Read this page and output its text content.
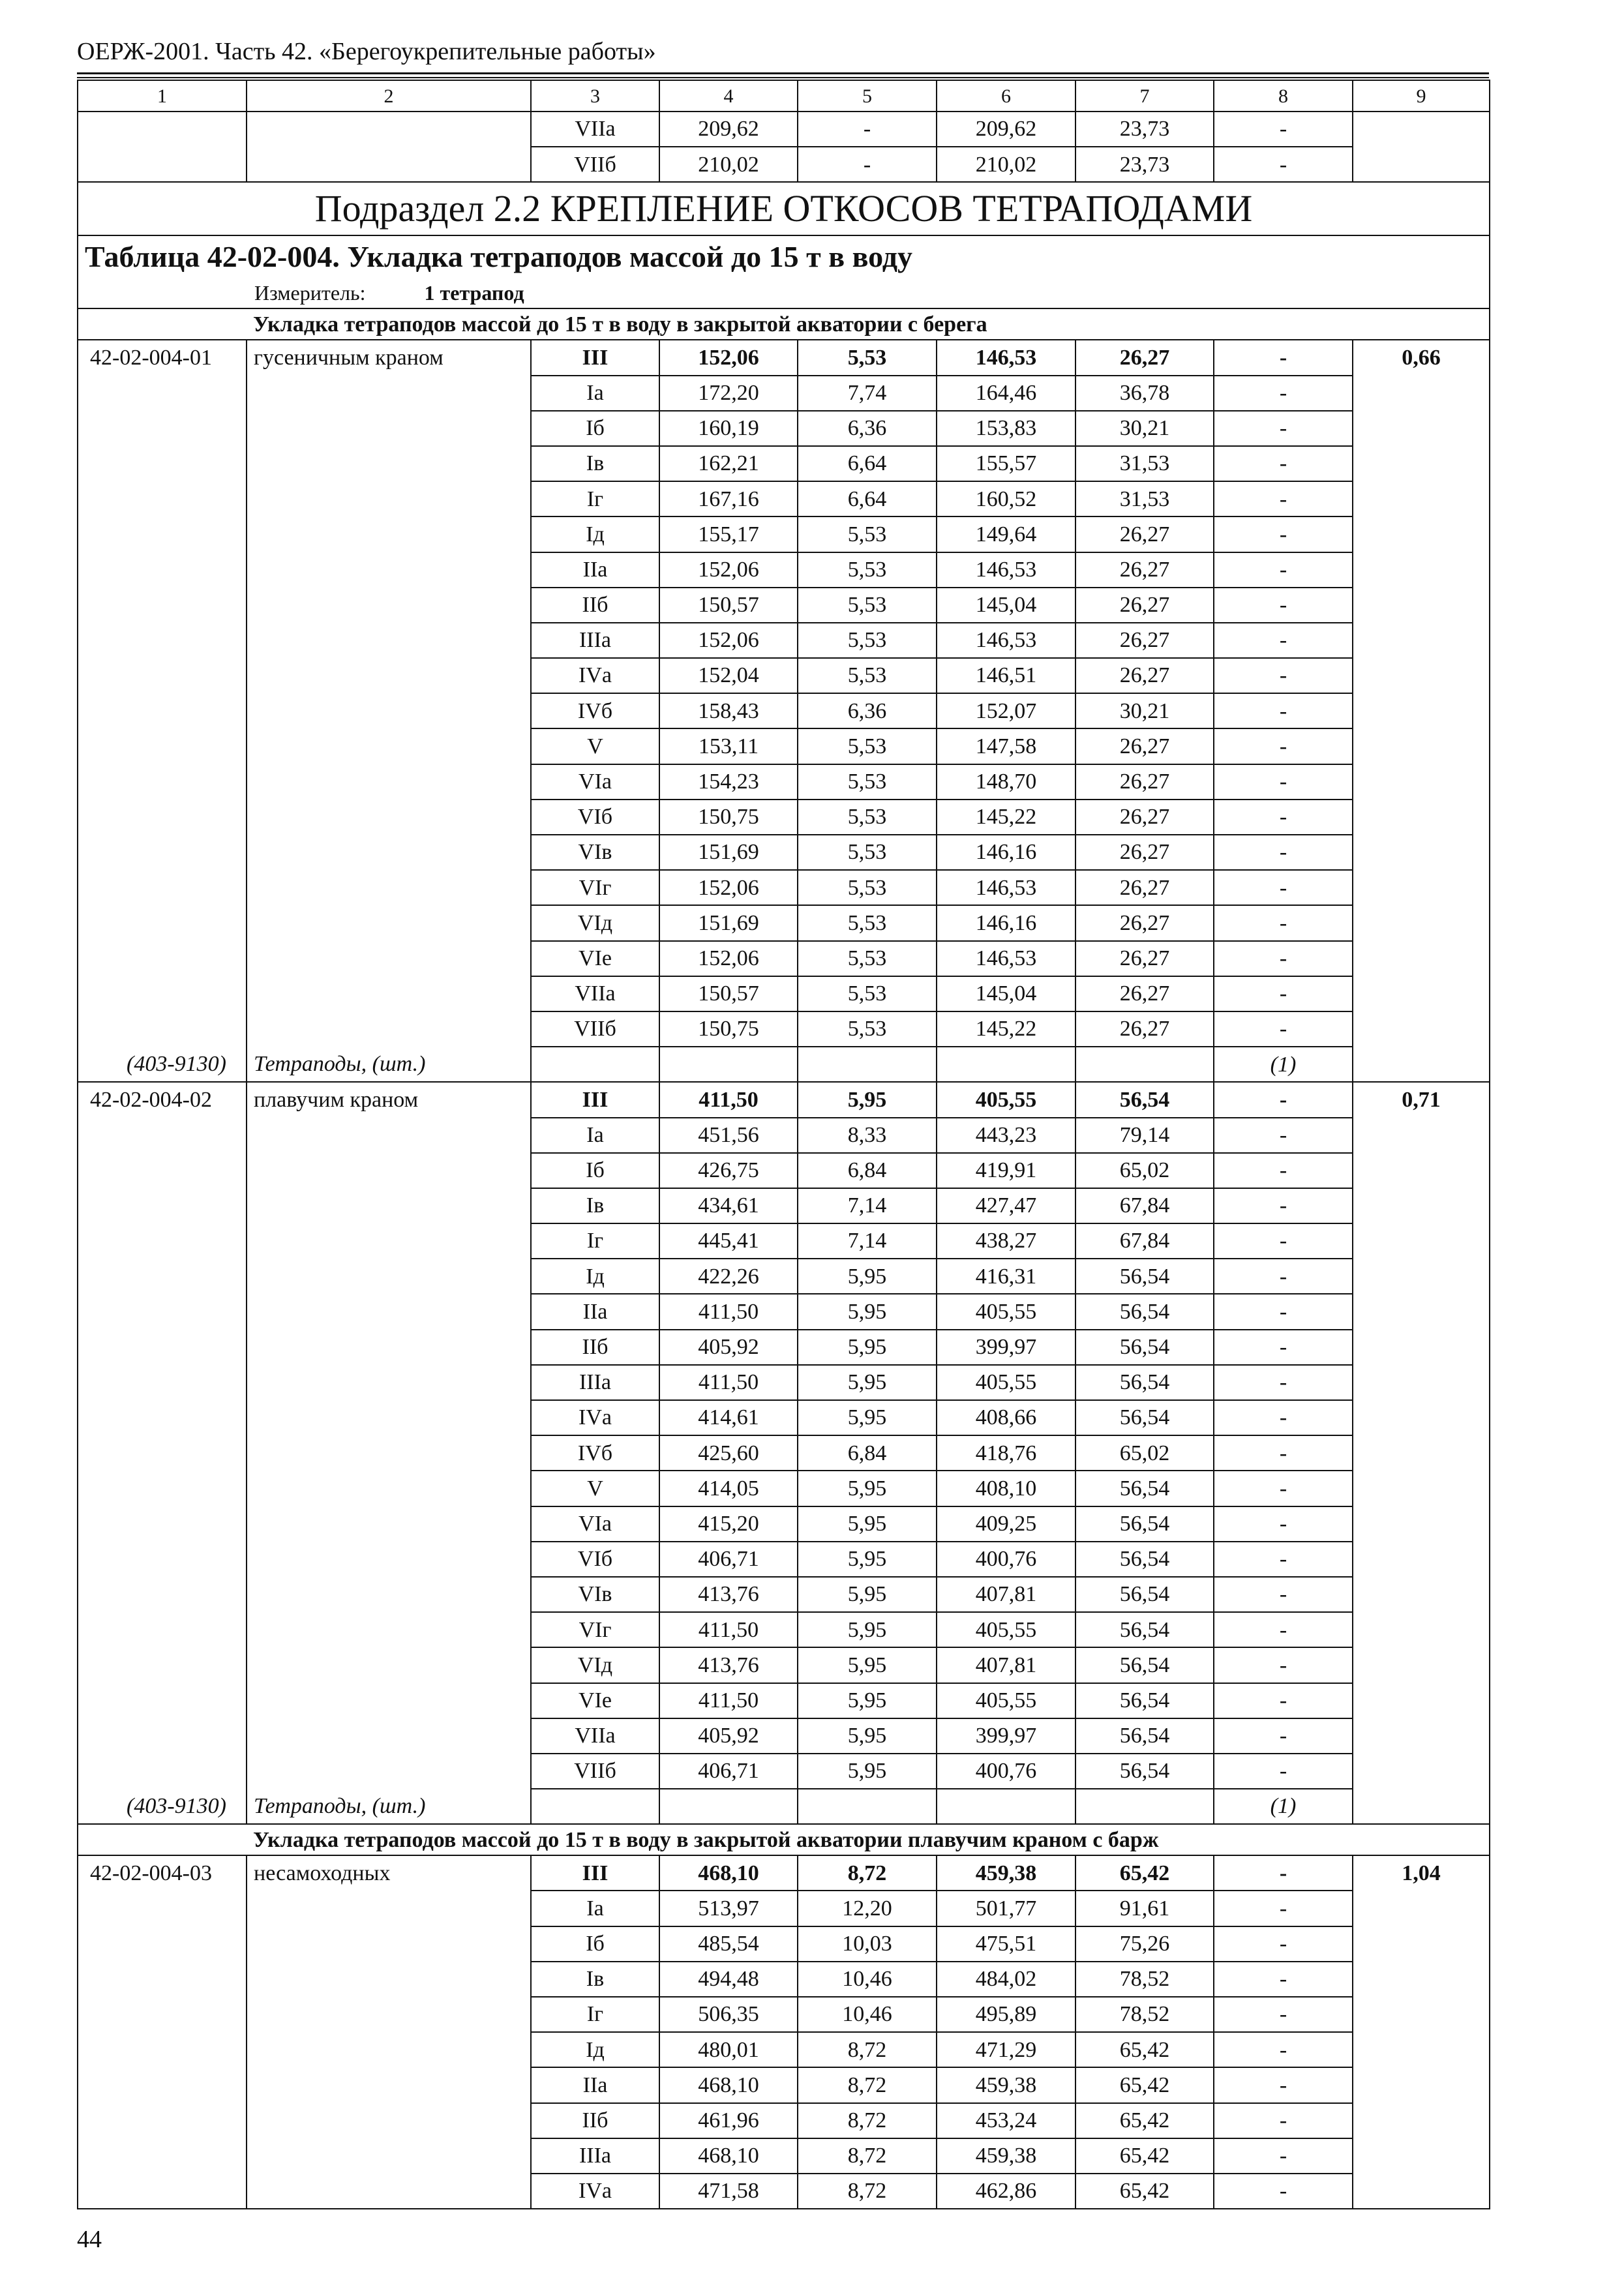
ОЕРЖ-2001. Часть 42. «Берегоукрепительные работы»
1	2	3	4	5	6	7	8	9
		VIIа	209,62	-	209,62	23,73	-	
		VIIб	210,02	-	210,02	23,73	-	
Подраздел 2.2 КРЕПЛЕНИЕ ОТКОСОВ ТЕТРАПОДАМИ								
Таблица 42-02-004. Укладка тетраподов массой до 15 т в воду								
Измеритель: 1 тетрапод								
Укладка тетраподов массой до 15 т в воду в закрытой акватории с берега								
42-02-004-01	гусеничным краном	III	152,06	5,53	146,53	26,27	-	0,66
		Iа	172,20	7,74	164,46	36,78	-	
		Iб	160,19	6,36	153,83	30,21	-	
		Iв	162,21	6,64	155,57	31,53	-	
		Iг	167,16	6,64	160,52	31,53	-	
		Iд	155,17	5,53	149,64	26,27	-	
		IIа	152,06	5,53	146,53	26,27	-	
		IIб	150,57	5,53	145,04	26,27	-	
		IIIа	152,06	5,53	146,53	26,27	-	
		IVа	152,04	5,53	146,51	26,27	-	
		IVб	158,43	6,36	152,07	30,21	-	
		V	153,11	5,53	147,58	26,27	-	
		VIа	154,23	5,53	148,70	26,27	-	
		VIб	150,75	5,53	145,22	26,27	-	
		VIв	151,69	5,53	146,16	26,27	-	
		VIг	152,06	5,53	146,53	26,27	-	
		VIд	151,69	5,53	146,16	26,27	-	
		VIе	152,06	5,53	146,53	26,27	-	
		VIIа	150,57	5,53	145,04	26,27	-	
		VIIб	150,75	5,53	145,22	26,27	-	
(403-9130)	Тетраподы, (шт.)						(1)	
42-02-004-02	плавучим краном	III	411,50	5,95	405,55	56,54	-	0,71
		Iа	451,56	8,33	443,23	79,14	-	
		Iб	426,75	6,84	419,91	65,02	-	
		Iв	434,61	7,14	427,47	67,84	-	
		Iг	445,41	7,14	438,27	67,84	-	
		Iд	422,26	5,95	416,31	56,54	-	
		IIа	411,50	5,95	405,55	56,54	-	
		IIб	405,92	5,95	399,97	56,54	-	
		IIIа	411,50	5,95	405,55	56,54	-	
		IVа	414,61	5,95	408,66	56,54	-	
		IVб	425,60	6,84	418,76	65,02	-	
		V	414,05	5,95	408,10	56,54	-	
		VIа	415,20	5,95	409,25	56,54	-	
		VIб	406,71	5,95	400,76	56,54	-	
		VIв	413,76	5,95	407,81	56,54	-	
		VIг	411,50	5,95	405,55	56,54	-	
		VIд	413,76	5,95	407,81	56,54	-	
		VIе	411,50	5,95	405,55	56,54	-	
		VIIа	405,92	5,95	399,97	56,54	-	
		VIIб	406,71	5,95	400,76	56,54	-	
(403-9130)	Тетраподы, (шт.)						(1)	
Укладка тетраподов массой до 15 т в воду в закрытой акватории плавучим краном с барж								
42-02-004-03	несамоходных	III	468,10	8,72	459,38	65,42	-	1,04
		Iа	513,97	12,20	501,77	91,61	-	
		Iб	485,54	10,03	475,51	75,26	-	
		Iв	494,48	10,46	484,02	78,52	-	
		Iг	506,35	10,46	495,89	78,52	-	
		Iд	480,01	8,72	471,29	65,42	-	
		IIа	468,10	8,72	459,38	65,42	-	
		IIб	461,96	8,72	453,24	65,42	-	
		IIIа	468,10	8,72	459,38	65,42	-	
		IVа	471,58	8,72	462,86	65,42	-	
44
